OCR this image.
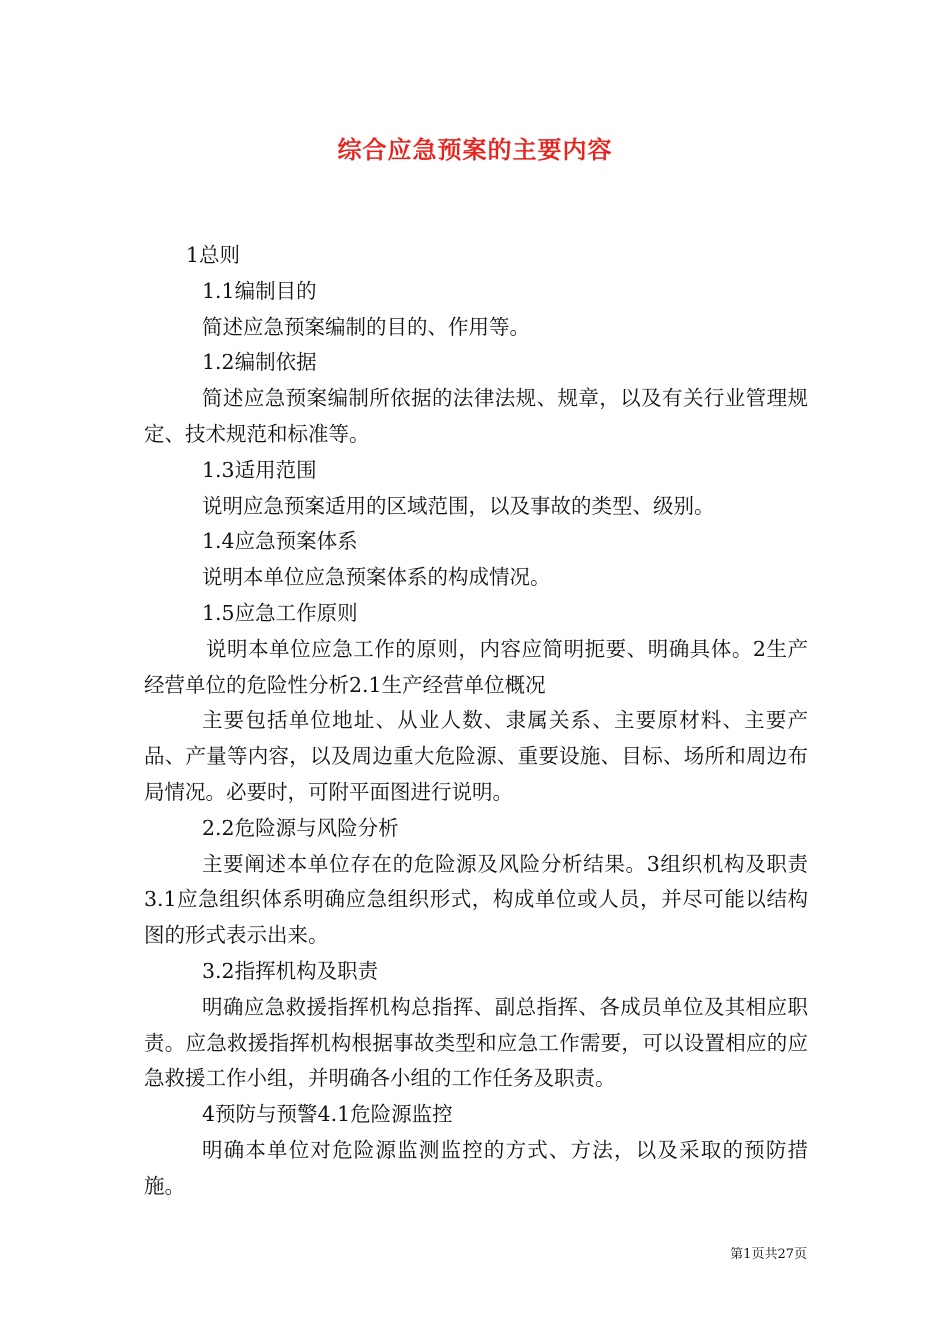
综合应急预案的主要内容

1总则

1.1编制目的

简述应急预案编制的目的、作用等。

1.2编制依据

简述应急预案编制所依据的法律法规、规章，以及有关行业管理规定、技术规范和标准等。

1.3适用范围

说明应急预案适用的区域范围，以及事故的类型、级别。

1.4应急预案体系

说明本单位应急预案体系的构成情况。

1.5应急工作原则

说明本单位应急工作的原则，内容应简明扼要、明确具体。2生产经营单位的危险性分析2.1生产经营单位概况

主要包括单位地址、从业人数、隶属关系、主要原材料、主要产品、产量等内容，以及周边重大危险源、重要设施、目标、场所和周边布局情况。必要时，可附平面图进行说明。

2.2危险源与风险分析

主要阐述本单位存在的危险源及风险分析结果。3组织机构及职责3.1应急组织体系明确应急组织形式，构成单位或人员，并尽可能以结构图的形式表示出来。

3.2指挥机构及职责

明确应急救援指挥机构总指挥、副总指挥、各成员单位及其相应职责。应急救援指挥机构根据事故类型和应急工作需要，可以设置相应的应急救援工作小组，并明确各小组的工作任务及职责。

4预防与预警4.1危险源监控

明确本单位对危险源监测监控的方式、方法，以及采取的预防措施。

第1页共27页
